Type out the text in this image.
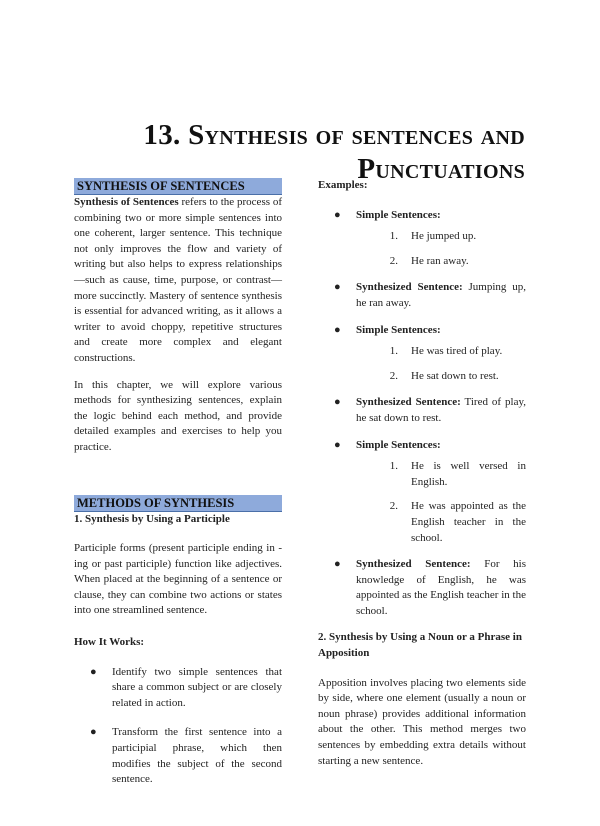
13. Synthesis of sentences and
Punctuations
SYNTHESIS OF SENTENCES

Synthesis of Sentences refers to the process of combining two or more simple sentences into one coherent, larger sentence. This technique not only improves the flow and variety of writing but also helps to express relationships—such as cause, time, purpose, or contrast—more succinctly. Mastery of sentence synthesis is essential for advanced writing, as it allows a writer to avoid choppy, repetitive structures and create more complex and elegant constructions.

In this chapter, we will explore various methods for synthesizing sentences, explain the logic behind each method, and provide detailed examples and exercises to help you practice.

METHODS OF SYNTHESIS

1. Synthesis by Using a Participle

Participle forms (present participle ending in -ing or past participle) function like adjectives. When placed at the beginning of a sentence or clause, they can combine two actions or states into one streamlined sentence.

How It Works:

● Identify two simple sentences that share a common subject or are closely related in action.
● Transform the first sentence into a participial phrase, which then modifies the subject of the second sentence.

Examples:

● Simple Sentences:
1. He jumped up.
2. He ran away.
● Synthesized Sentence: Jumping up, he ran away.
● Simple Sentences:
1. He was tired of play.
2. He sat down to rest.
● Synthesized Sentence: Tired of play, he sat down to rest.
● Simple Sentences:
1. He is well versed in English.
2. He was appointed as the English teacher in the school.
● Synthesized Sentence: For his knowledge of English, he was appointed as the English teacher in the school.

2. Synthesis by Using a Noun or a Phrase in Apposition

Apposition involves placing two elements side by side, where one element (usually a noun or noun phrase) provides additional information about the other. This method merges two sentences by embedding extra details without starting a new sentence.
